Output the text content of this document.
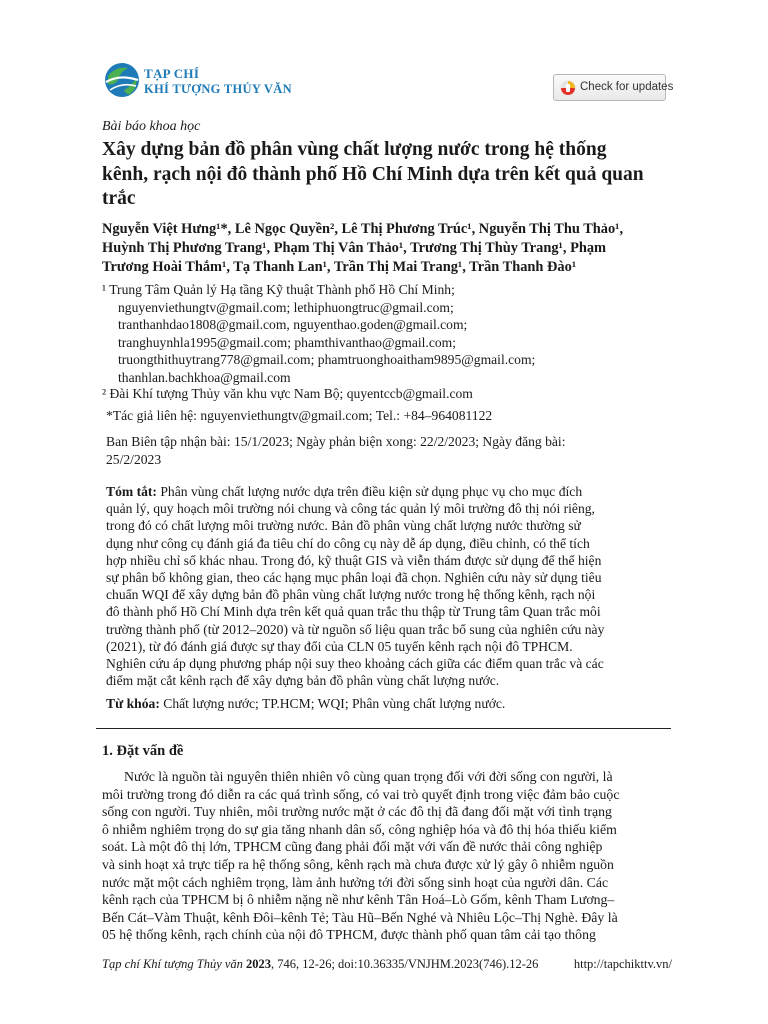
TẠP CHÍ
KHÍ TƯỢNG THỦY VĂN	Check for updates
Bài báo khoa học
Xây dựng bản đồ phân vùng chất lượng nước trong hệ thống
kênh, rạch nội đô thành phố Hồ Chí Minh dựa trên kết quả quan
trắc
Nguyễn Việt Hưng¹*, Lê Ngọc Quyền², Lê Thị Phương Trúc¹, Nguyễn Thị Thu Thảo¹,
Huỳnh Thị Phương Trang¹, Phạm Thị Vân Thảo¹, Trương Thị Thùy Trang¹, Phạm
Trương Hoài Thắm¹, Tạ Thanh Lan¹, Trần Thị Mai Trang¹, Trần Thanh Đào¹
¹ Trung Tâm Quản lý Hạ tầng Kỹ thuật Thành phố Hồ Chí Minh;
nguyenviethungtv@gmail.com; lethiphuongtruc@gmail.com;
tranthanhdao1808@gmail.com, nguyenthao.goden@gmail.com;
tranghuynhla1995@gmail.com; phamthivanthao@gmail.com;
truongthithuytrang778@gmail.com; phamtruonghoaitham9895@gmail.com;
thanhlan.bachkhoa@gmail.com
² Đài Khí tượng Thủy văn khu vực Nam Bộ; quyentccb@gmail.com
*Tác giả liên hệ: nguyenviethungtv@gmail.com; Tel.: +84–964081122
Ban Biên tập nhận bài: 15/1/2023; Ngày phản biện xong: 22/2/2023; Ngày đăng bài:
25/2/2023
Tóm tắt: Phân vùng chất lượng nước dựa trên điều kiện sử dụng phục vụ cho mục đích
quản lý, quy hoạch môi trường nói chung và công tác quản lý môi trường đô thị nói riêng,
trong đó có chất lượng môi trường nước. Bản đồ phân vùng chất lượng nước thường sử
dụng như công cụ đánh giá đa tiêu chí do công cụ này dễ áp dụng, điều chỉnh, có thể tích
hợp nhiều chỉ số khác nhau. Trong đó, kỹ thuật GIS và viễn thám được sử dụng để thể hiện
sự phân bố không gian, theo các hạng mục phân loại đã chọn. Nghiên cứu này sử dụng tiêu
chuẩn WQI để xây dựng bản đồ phân vùng chất lượng nước trong hệ thống kênh, rạch nội
đô thành phố Hồ Chí Minh dựa trên kết quả quan trắc thu thập từ Trung tâm Quan trắc môi
trường thành phố (từ 2012–2020) và từ nguồn số liệu quan trắc bổ sung của nghiên cứu này
(2021), từ đó đánh giá được sự thay đổi của CLN 05 tuyến kênh rạch nội đô TPHCM.
Nghiên cứu áp dụng phương pháp nội suy theo khoảng cách giữa các điểm quan trắc và các
điểm mặt cắt kênh rạch để xây dựng bản đồ phân vùng chất lượng nước.
Từ khóa: Chất lượng nước; TP.HCM; WQI; Phân vùng chất lượng nước.
1. Đặt vấn đề
Nước là nguồn tài nguyên thiên nhiên vô cùng quan trọng đối với đời sống con người, là
môi trường trong đó diễn ra các quá trình sống, có vai trò quyết định trong việc đảm bảo cuộc
sống con người. Tuy nhiên, môi trường nước mặt ở các đô thị đã đang đối mặt với tình trạng
ô nhiễm nghiêm trọng do sự gia tăng nhanh dân số, công nghiệp hóa và đô thị hóa thiếu kiểm
soát. Là một đô thị lớn, TPHCM cũng đang phải đối mặt với vấn đề nước thải công nghiệp
và sinh hoạt xả trực tiếp ra hệ thống sông, kênh rạch mà chưa được xử lý gây ô nhiễm nguồn
nước mặt một cách nghiêm trọng, làm ảnh hưởng tới đời sống sinh hoạt của người dân. Các
kênh rạch của TPHCM bị ô nhiễm nặng nề như kênh Tân Hoá–Lò Gốm, kênh Tham Lương–
Bến Cát–Vàm Thuật, kênh Đôi–kênh Tẻ; Tàu Hũ–Bến Nghé và Nhiêu Lộc–Thị Nghè. Đây là
05 hệ thống kênh, rạch chính của nội đô TPHCM, được thành phố quan tâm cải tạo thông
Tạp chí Khí tượng Thủy văn 2023, 746, 12-26; doi:10.36335/VNJHM.2023(746).12-26	http://tapchikttv.vn/
